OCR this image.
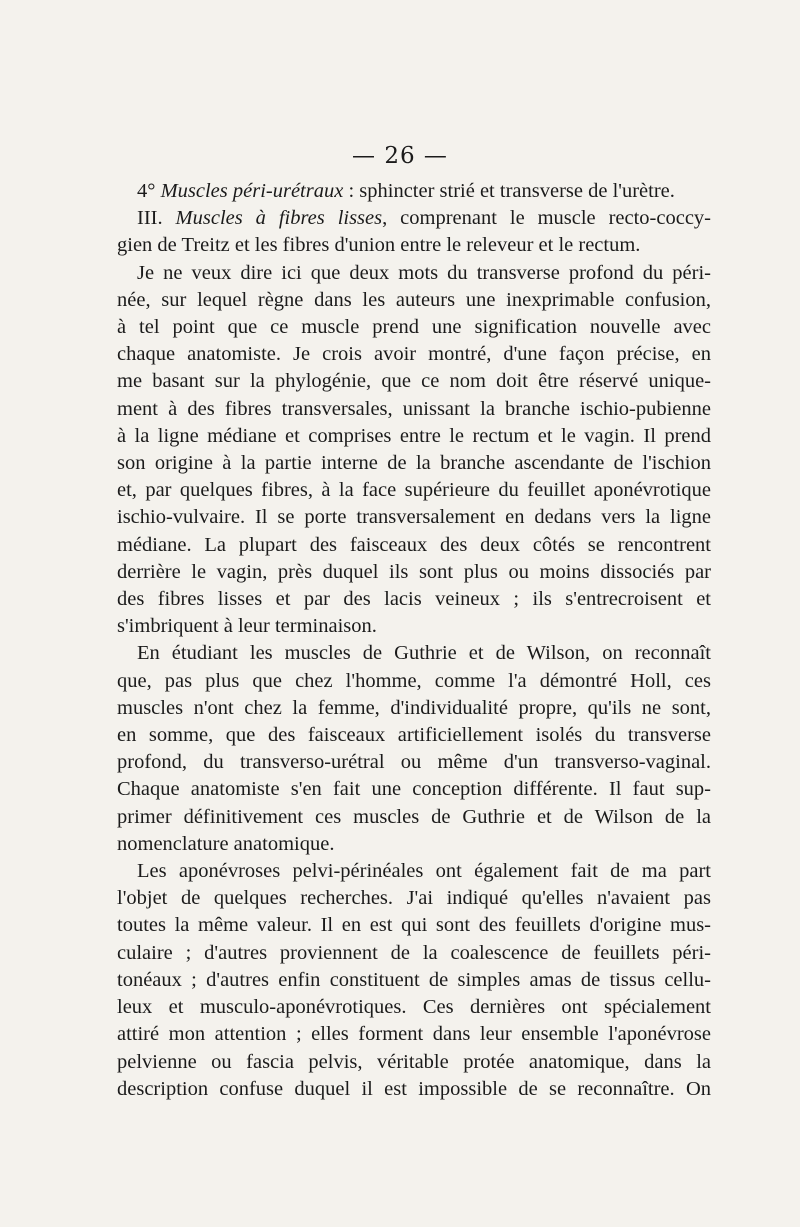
— 26 —
4° Muscles péri-urétraux : sphincter strié et transverse de l'urètre.
III. Muscles à fibres lisses, comprenant le muscle recto-coccy-
gien de Treitz et les fibres d'union entre le releveur et le rectum.
Je ne veux dire ici que deux mots du transverse profond du péri-
née, sur lequel règne dans les auteurs une inexprimable confusion,
à tel point que ce muscle prend une signification nouvelle avec
chaque anatomiste. Je crois avoir montré, d'une façon précise, en
me basant sur la phylogénie, que ce nom doit être réservé unique-
ment à des fibres transversales, unissant la branche ischio-pubienne
à la ligne médiane et comprises entre le rectum et le vagin. Il prend
son origine à la partie interne de la branche ascendante de l'ischion
et, par quelques fibres, à la face supérieure du feuillet aponévrotique
ischio-vulvaire. Il se porte transversalement en dedans vers la ligne
médiane. La plupart des faisceaux des deux côtés se rencontrent
derrière le vagin, près duquel ils sont plus ou moins dissociés par
des fibres lisses et par des lacis veineux ; ils s'entrecroisent et
s'imbriquent à leur terminaison.
En étudiant les muscles de Guthrie et de Wilson, on reconnaît
que, pas plus que chez l'homme, comme l'a démontré Holl, ces
muscles n'ont chez la femme, d'individualité propre, qu'ils ne sont,
en somme, que des faisceaux artificiellement isolés du transverse
profond, du transverso-urétral ou même d'un transverso-vaginal.
Chaque anatomiste s'en fait une conception différente. Il faut sup-
primer définitivement ces muscles de Guthrie et de Wilson de la
nomenclature anatomique.
Les aponévroses pelvi-périnéales ont également fait de ma part
l'objet de quelques recherches. J'ai indiqué qu'elles n'avaient pas
toutes la même valeur. Il en est qui sont des feuillets d'origine mus-
culaire ; d'autres proviennent de la coalescence de feuillets péri-
tonéaux ; d'autres enfin constituent de simples amas de tissus cellu-
leux et musculo-aponévrotiques. Ces dernières ont spécialement
attiré mon attention ; elles forment dans leur ensemble l'aponévrose
pelvienne ou fascia pelvis, véritable protée anatomique, dans la
description confuse duquel il est impossible de se reconnaître. On
